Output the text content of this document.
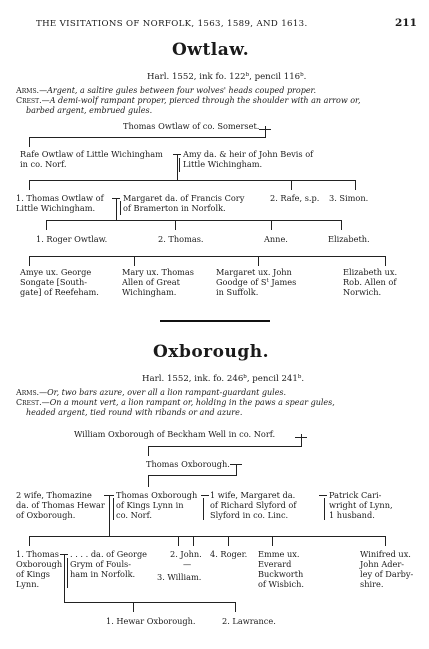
THE VISITATIONS OF NORFOLK, 1563, 1589, AND 1613.	211
Owtlaw.
Harl. 1552, ink fo. 122$^b$, pencil 116$^b$.
Arms.—Argent, a saltire gules between four wolves' heads couped proper.
Crest.—A demi-wolf rampant proper, pierced through the shoulder with an arrow or,
barbed argent, embrued gules.
Thomas Owtlaw of co. Somerset.
Rafe Owtlaw of Little Wichingham
in co. Norf.
Amy da. & heir of John Bevis of
Little Wichingham.
1. Thomas Owtlaw of
Little Wichingham.
Margaret da. of Francis Cory
of Bramerton in Norfolk.
2. Rafe, s.p. 3. Simon.
1. Roger Owtlaw.	2. Thomas.	Anne.	Elizabeth.
Amye ux. George
Songate [South-
gate] of Reefeham.
Mary ux. Thomas
Allen of Great
Wichingham.
Margaret ux. John
Goodge of $S^t$ James
in Suffolk.
Elizabeth ux.
Rob. Allen of
Norwich.
Oxborough.
Harl. 1552, ink. fo. 246$^b$, pencil 241$^b$.
Arms.—Or, two bars azure, over all a lion rampant-guardant gules.
Crest.—On a mount vert, a lion rampant or, holding in the paws a spear gules,
headed argent, tied round with ribands or and azure.
William Oxborough of Beckham Well in co. Norf.
Thomas Oxborough.
2 wife, Thomazine
da. of Thomas Hewar
of Oxborough.
Thomas Oxborough
of Kings Lynn in
co. Norf.
1 wife, Margaret da.
of Richard Slyford of
Slyford in co. Linc.
Patrick Cari-
wright of Lynn,
1 husband.
1. Thomas
Oxborough
of Kings
Lynn.
. . . . da. of George
Grym of Fouls-
ham in Norfolk.
2. John.
—
3. William.
4. Roger. Emme ux.
Everard
Buckworth
of Wisbich.
Winifred ux.
John Ader-
ley of Darby-
shire.
1. Hewar Oxborough.	2. Lawrance.
